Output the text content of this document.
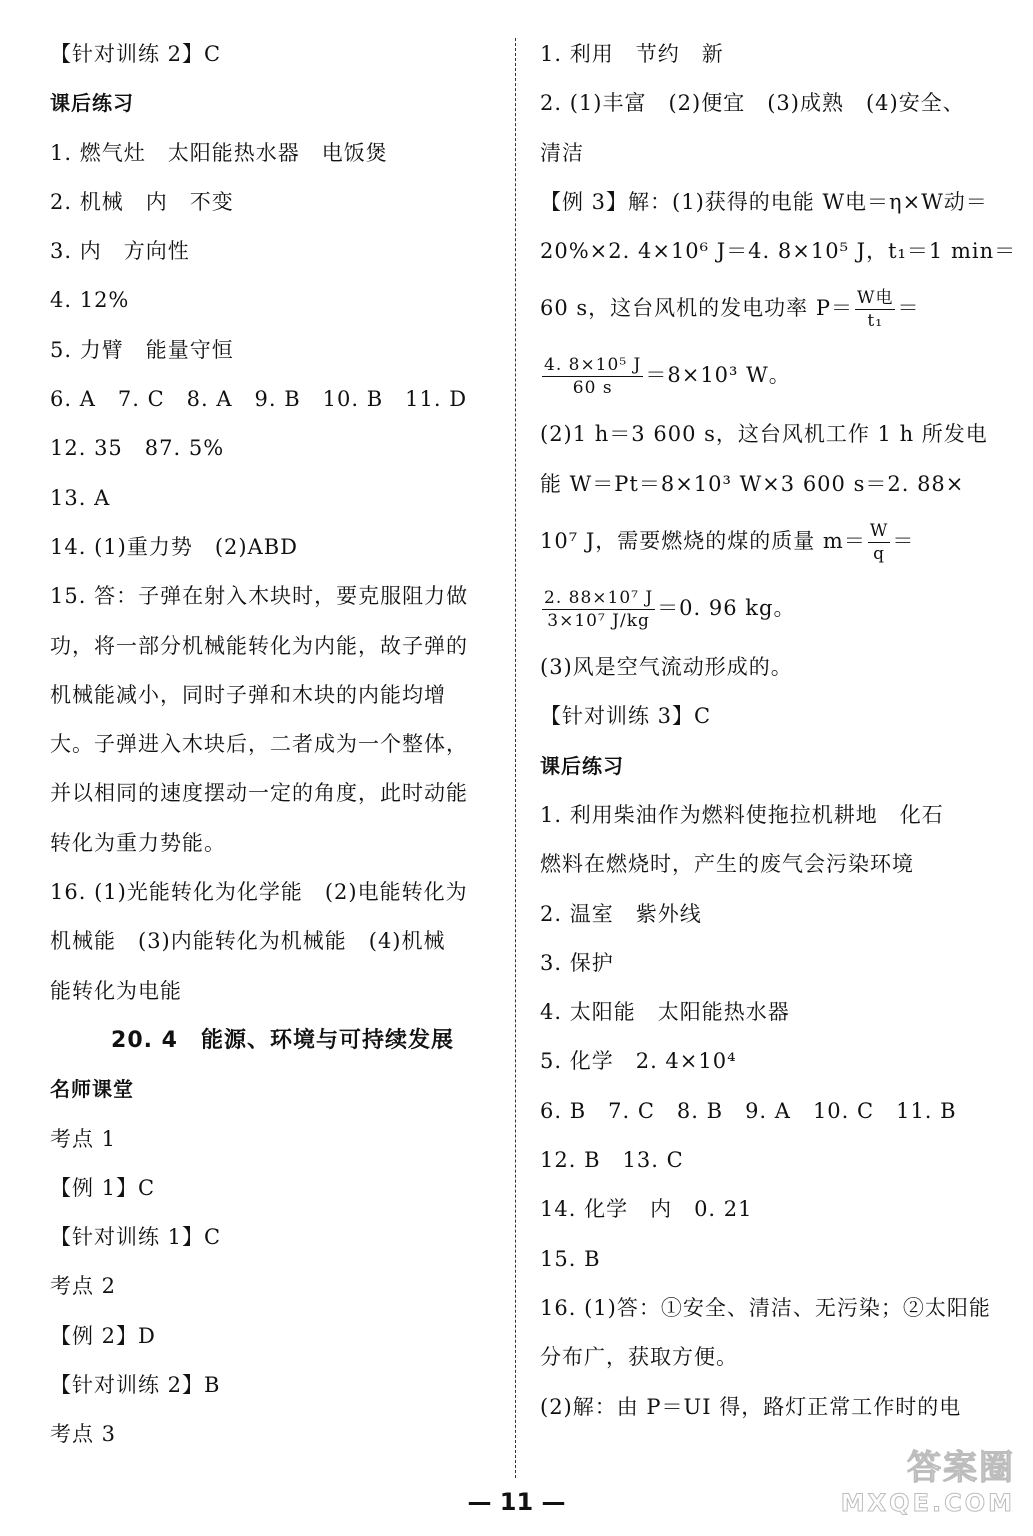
【针对训练 2】C
课后练习
1. 燃气灶　太阳能热水器　电饭煲
2. 机械　内　不变
3. 内　方向性
4. 12%
5. 力臂　能量守恒
6. A　7. C　8. A　9. B　10. B　11. D
12. 35　87. 5%
13. A
14. (1)重力势　(2)ABD
15. 答：子弹在射入木块时，要克服阻力做
功，将一部分机械能转化为内能，故子弹的
机械能减小，同时子弹和木块的内能均增
大。子弹进入木块后，二者成为一个整体，
并以相同的速度摆动一定的角度，此时动能
转化为重力势能。
16. (1)光能转化为化学能　(2)电能转化为
机械能　(3)内能转化为机械能　(4)机械
能转化为电能
20. 4　能源、环境与可持续发展
名师课堂
考点 1
【例 1】C
【针对训练 1】C
考点 2
【例 2】D
【针对训练 2】B
考点 3
1. 利用　节约　新
2. (1)丰富　(2)便宜　(3)成熟　(4)安全、
清洁
【例 3】解：(1)获得的电能 W电＝η×W动＝
20%×2. 4×10⁶ J＝4. 8×10⁵ J，t₁＝1 min＝
60 s，这台风机的发电功率 $P= \frac{\text{W电}}{\text{t₁}}$ ＝
$\frac{\text{4. 8×10⁵ J}}{60 s} =8\times 10^3$ W。
(2)1 h＝3 600 s，这台风机工作 1 h 所发电
能 W＝Pt＝8×10³ W×3 600 s＝2. 88×
10⁷ J，需要燃烧的煤的质量 $m= \frac{W}{q}$ ＝
$\frac{\text{2. 88×10⁷ J}}{\text{3×10⁷ J/kg}} =0$. 96 kg。
(3)风是空气流动形成的。
【针对训练 3】C
课后练习
1. 利用柴油作为燃料使拖拉机耕地　化石
燃料在燃烧时，产生的废气会污染环境
2. 温室　紫外线
3. 保护
4. 太阳能　太阳能热水器
5. 化学　2. 4×10⁴
6. B　7. C　8. B　9. A　10. C　11. B
12. B　13. C
14. 化学　内　0. 21
15. B
16. (1)答：①安全、清洁、无污染；②太阳能
分布广，获取方便。
(2)解：由 P＝UI 得，路灯正常工作时的电
— 11 —
答案圈
MXQE.COM
